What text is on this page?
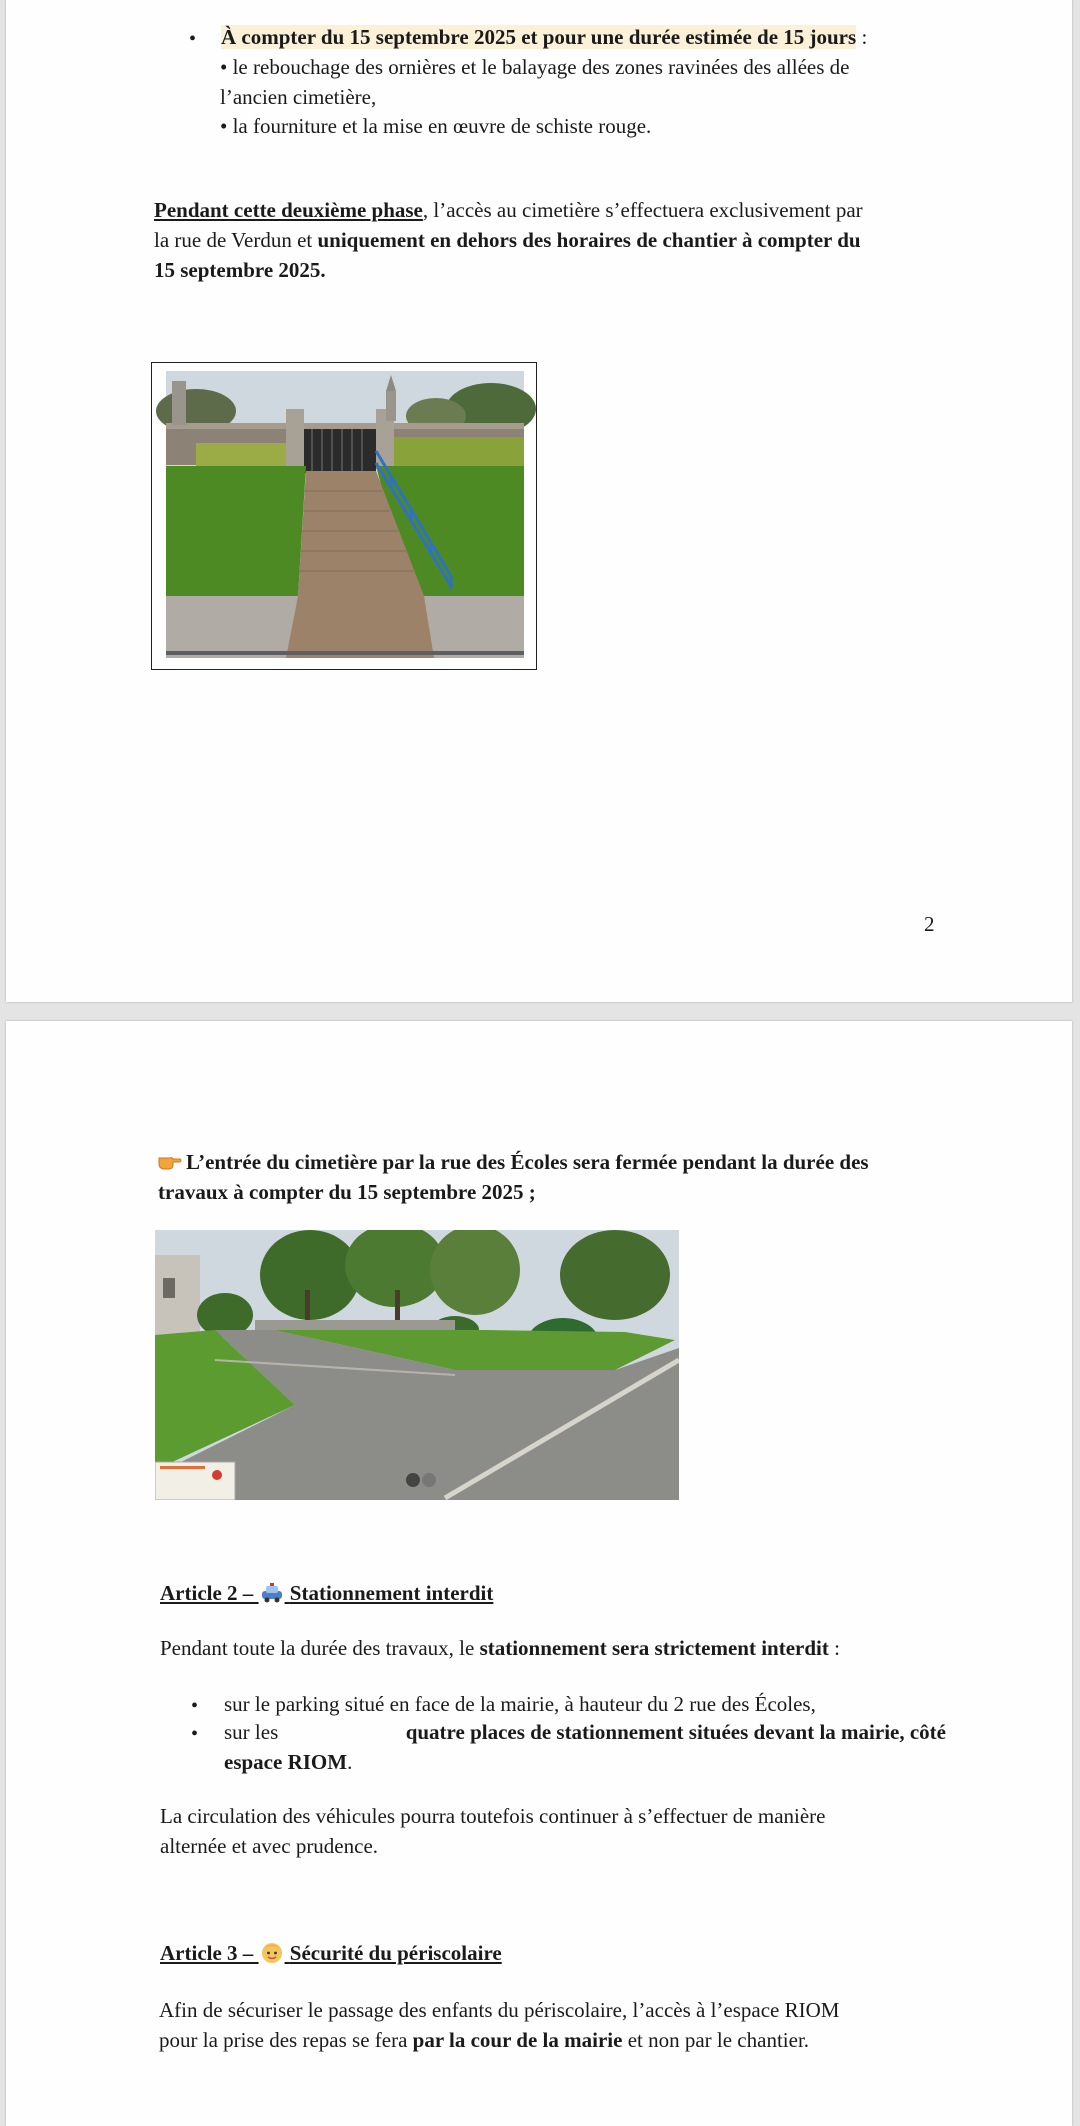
• À compter du 15 septembre 2025 et pour une durée estimée de 15 jours :
• le rebouchage des ornières et le balayage des zones ravinées des allées de
l’ancien cimetière,
• la fourniture et la mise en œuvre de schiste rouge.
Pendant cette deuxième phase, l’accès au cimetière s’effectuera exclusivement par
la rue de Verdun et uniquement en dehors des horaires de chantier à compter du
15 septembre 2025.
2
L’entrée du cimetière par la rue des Écoles sera fermée pendant la durée des
travaux à compter du 15 septembre 2025 ;
Article 2 –  Stationnement interdit
Pendant toute la durée des travaux, le stationnement sera strictement interdit :
• sur le parking situé en face de la mairie, à hauteur du 2 rue des Écoles,
• sur les	quatre places de stationnement situées devant la mairie, côté
espace RIOM.
La circulation des véhicules pourra toutefois continuer à s’effectuer de manière
alternée et avec prudence.
Article 3 –  Sécurité du périscolaire
Afin de sécuriser le passage des enfants du périscolaire, l’accès à l’espace RIOM
pour la prise des repas se fera par la cour de la mairie et non par le chantier.
